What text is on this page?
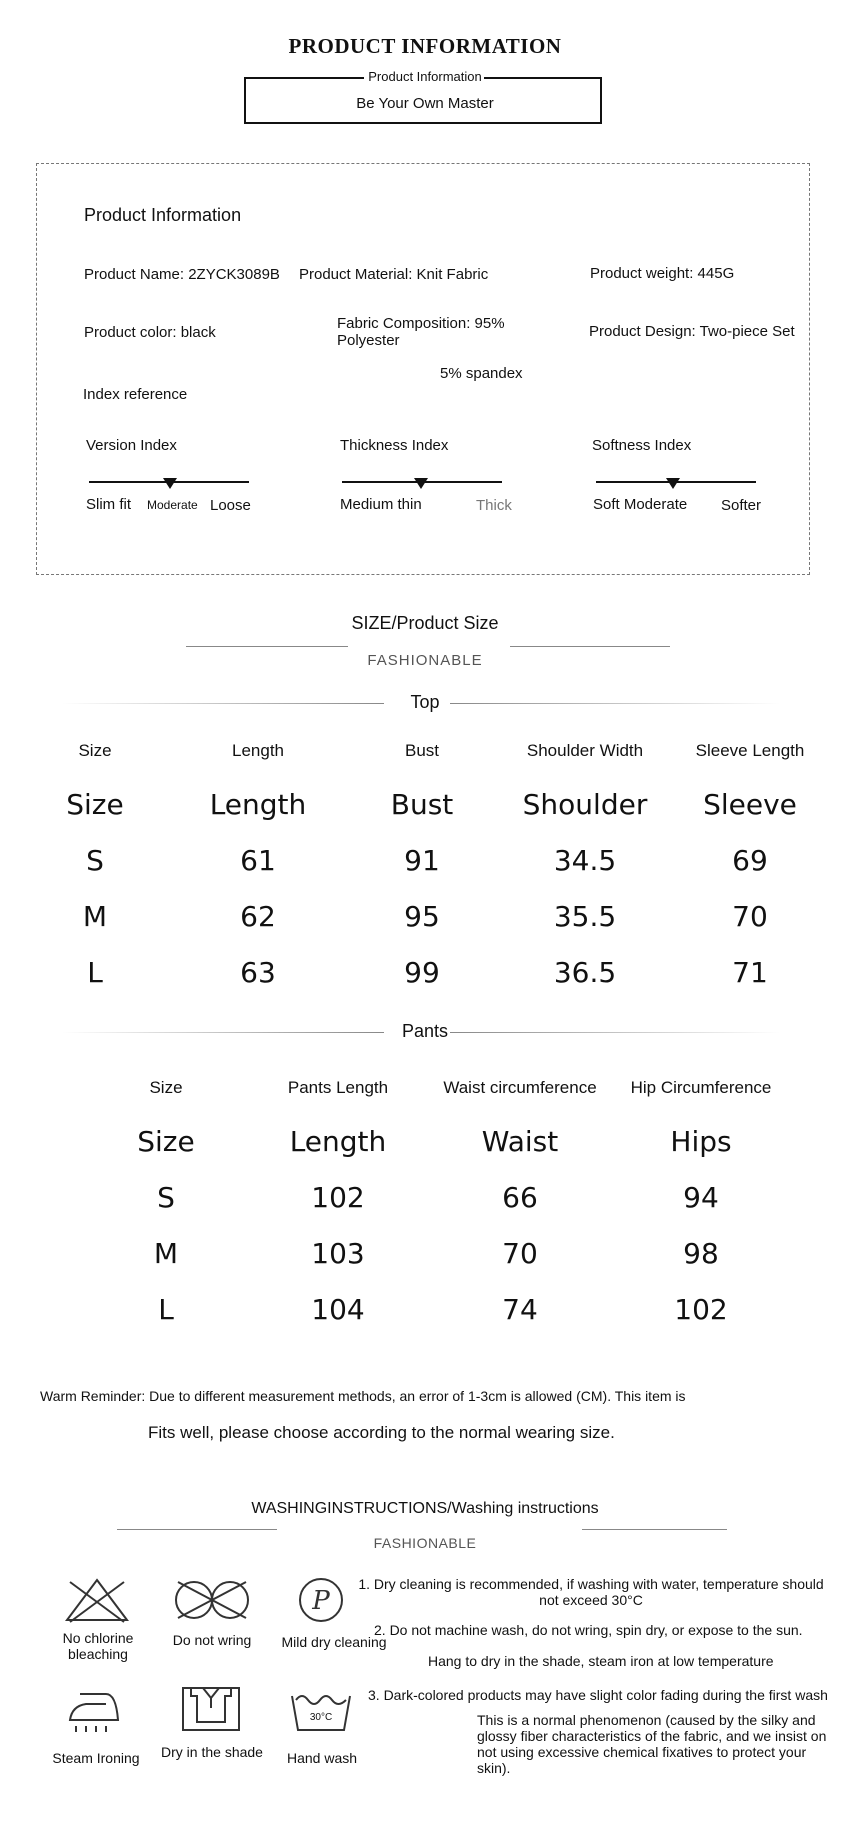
PRODUCT INFORMATION
Product Information
Be Your Own Master
Product Information
Product Name: 2ZYCK3089B Product Material: Knit Fabric	Product weight: 445G
Product color: black
Fabric Composition: 95% Polyester
Product Design: Two-piece Set
5% spandex
Index reference
Version Index
Slim fit Moderate Loose
Thickness Index
Medium thin	Thick
Softness Index
Soft Moderate Softer
SIZE/Product Size
FASHIONABLE
Top
Size	Length	Bust	Shoulder Width	Sleeve Length
Size	Length	Bust	Shoulder	Sleeve
S	61	91	34.5	69
M	62	95	35.5	70
L	63	99	36.5	71
Pants
Size	Pants Length	Waist circumference	Hip Circumference
Size	Length	Waist	Hips
S	102	66	94
M	103	70	98
L	104	74	102
Warm Reminder: Due to different measurement methods, an error of 1-3cm is allowed (CM). This item is
Fits well, please choose according to the normal wearing size.
WASHINGINSTRUCTIONS/Washing instructions
FASHIONABLE
No chlorine bleaching
Do not wring
P
Mild dry cleaning
Steam Ironing	Dry in the shade
30°C
Hand wash
1. Dry cleaning is recommended, if washing with water, temperature should not exceed 30°C
2. Do not machine wash, do not wring, spin dry, or expose to the sun.
Hang to dry in the shade, steam iron at low temperature
3. Dark-colored products may have slight color fading during the first wash
This is a normal phenomenon (caused by the silky and glossy fiber characteristics of the fabric, and we insist on not using excessive chemical fixatives to protect your skin).
